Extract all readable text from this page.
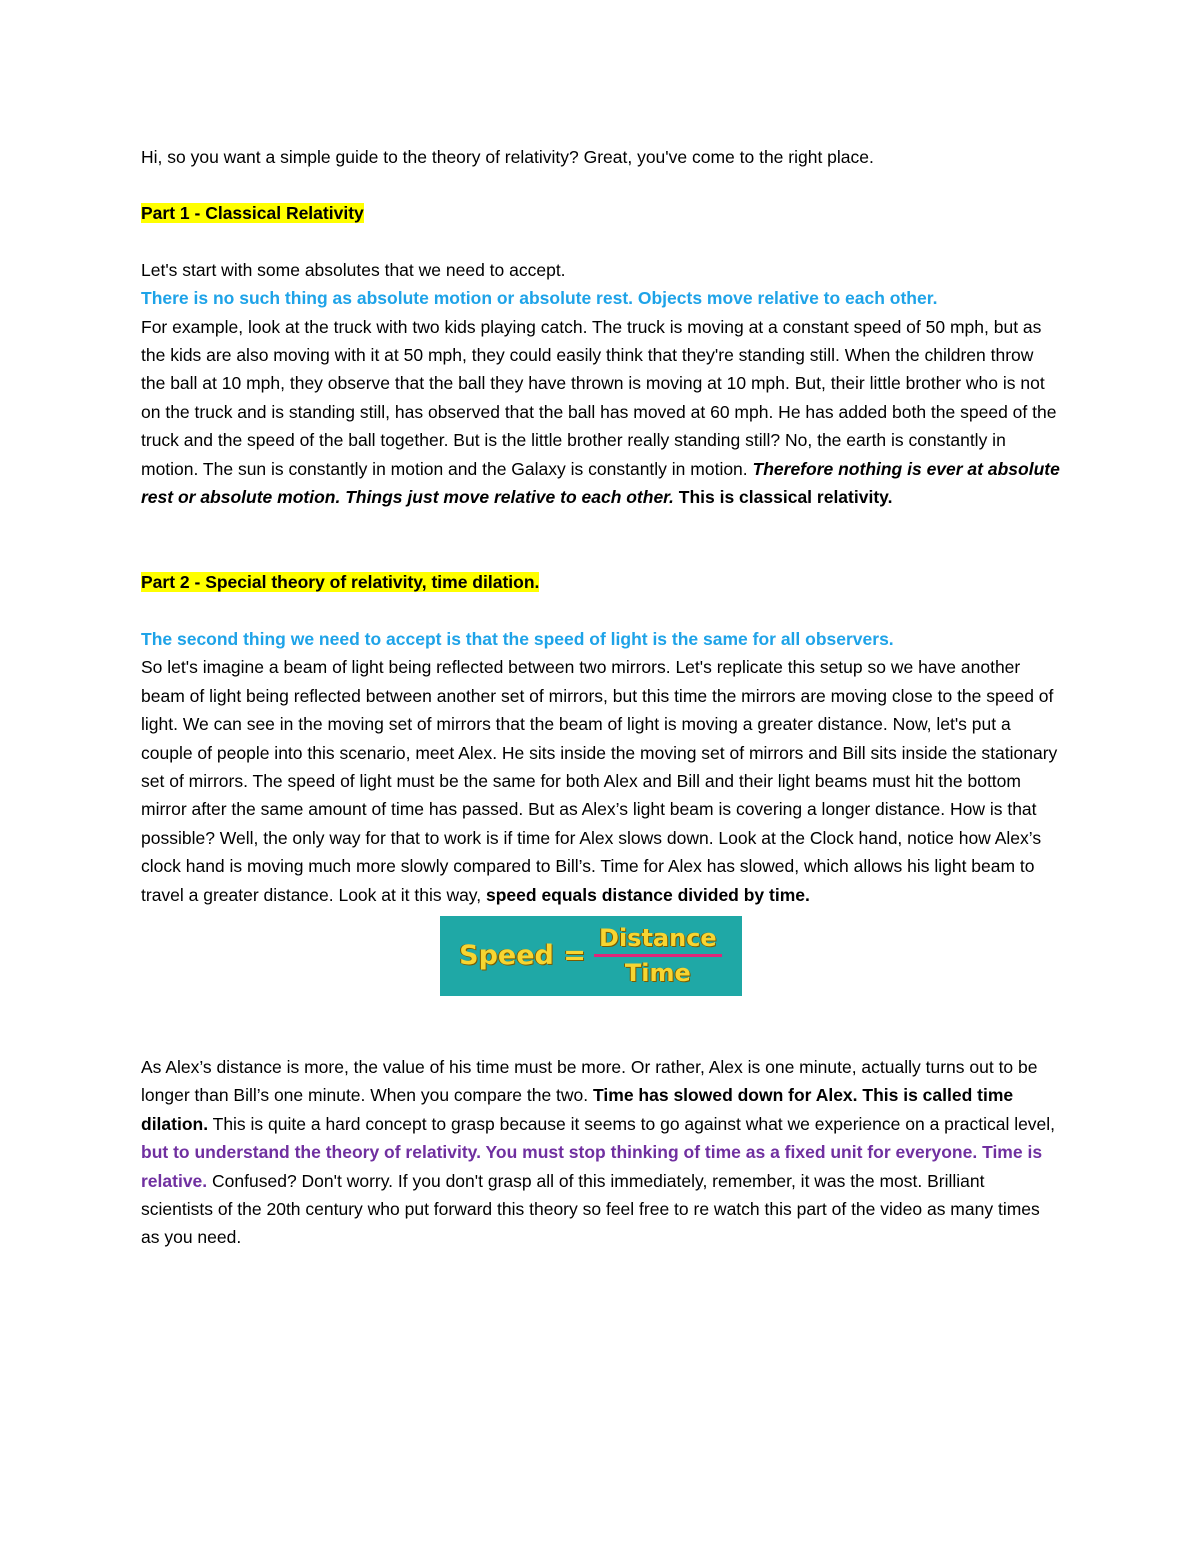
Hi, so you want a simple guide to the theory of relativity? Great, you've come to the right place.

Part 1 - Classical Relativity

Let's start with some absolutes that we need to accept.

There is no such thing as absolute motion or absolute rest. Objects move relative to each other.

For example, look at the truck with two kids playing catch. The truck is moving at a constant speed of 50 mph, but as the kids are also moving with it at 50 mph, they could easily think that they're standing still. When the children throw the ball at 10 mph, they observe that the ball they have thrown is moving at 10 mph. But, their little brother who is not on the truck and is standing still, has observed that the ball has moved at 60 mph. He has added both the speed of the truck and the speed of the ball together. But is the little brother really standing still? No, the earth is constantly in motion. The sun is constantly in motion and the Galaxy is constantly in motion. Therefore nothing is ever at absolute rest or absolute motion. Things just move relative to each other. This is classical relativity.

Part 2 - Special theory of relativity, time dilation.

The second thing we need to accept is that the speed of light is the same for all observers.

So let's imagine a beam of light being reflected between two mirrors. Let's replicate this setup so we have another beam of light being reflected between another set of mirrors, but this time the mirrors are moving close to the speed of light. We can see in the moving set of mirrors that the beam of light is moving a greater distance. Now, let's put a couple of people into this scenario, meet Alex. He sits inside the moving set of mirrors and Bill sits inside the stationary set of mirrors. The speed of light must be the same for both Alex and Bill and their light beams must hit the bottom mirror after the same amount of time has passed. But as Alex’s light beam is covering a longer distance. How is that possible? Well, the only way for that to work is if time for Alex slows down. Look at the Clock hand, notice how Alex’s clock hand is moving much more slowly compared to Bill’s. Time for Alex has slowed, which allows his light beam to travel a greater distance. Look at it this way, speed equals distance divided by time.

Speed = $\frac{\text{Distance}}{\text{Time}}$

As Alex’s distance is more, the value of his time must be more. Or rather, Alex is one minute, actually turns out to be longer than Bill’s one minute. When you compare the two. Time has slowed down for Alex. This is called time dilation. This is quite a hard concept to grasp because it seems to go against what we experience on a practical level, but to understand the theory of relativity. You must stop thinking of time as a fixed unit for everyone. Time is relative. Confused? Don't worry. If you don't grasp all of this immediately, remember, it was the most. Brilliant scientists of the 20th century who put forward this theory so feel free to re watch this part of the video as many times as you need.
